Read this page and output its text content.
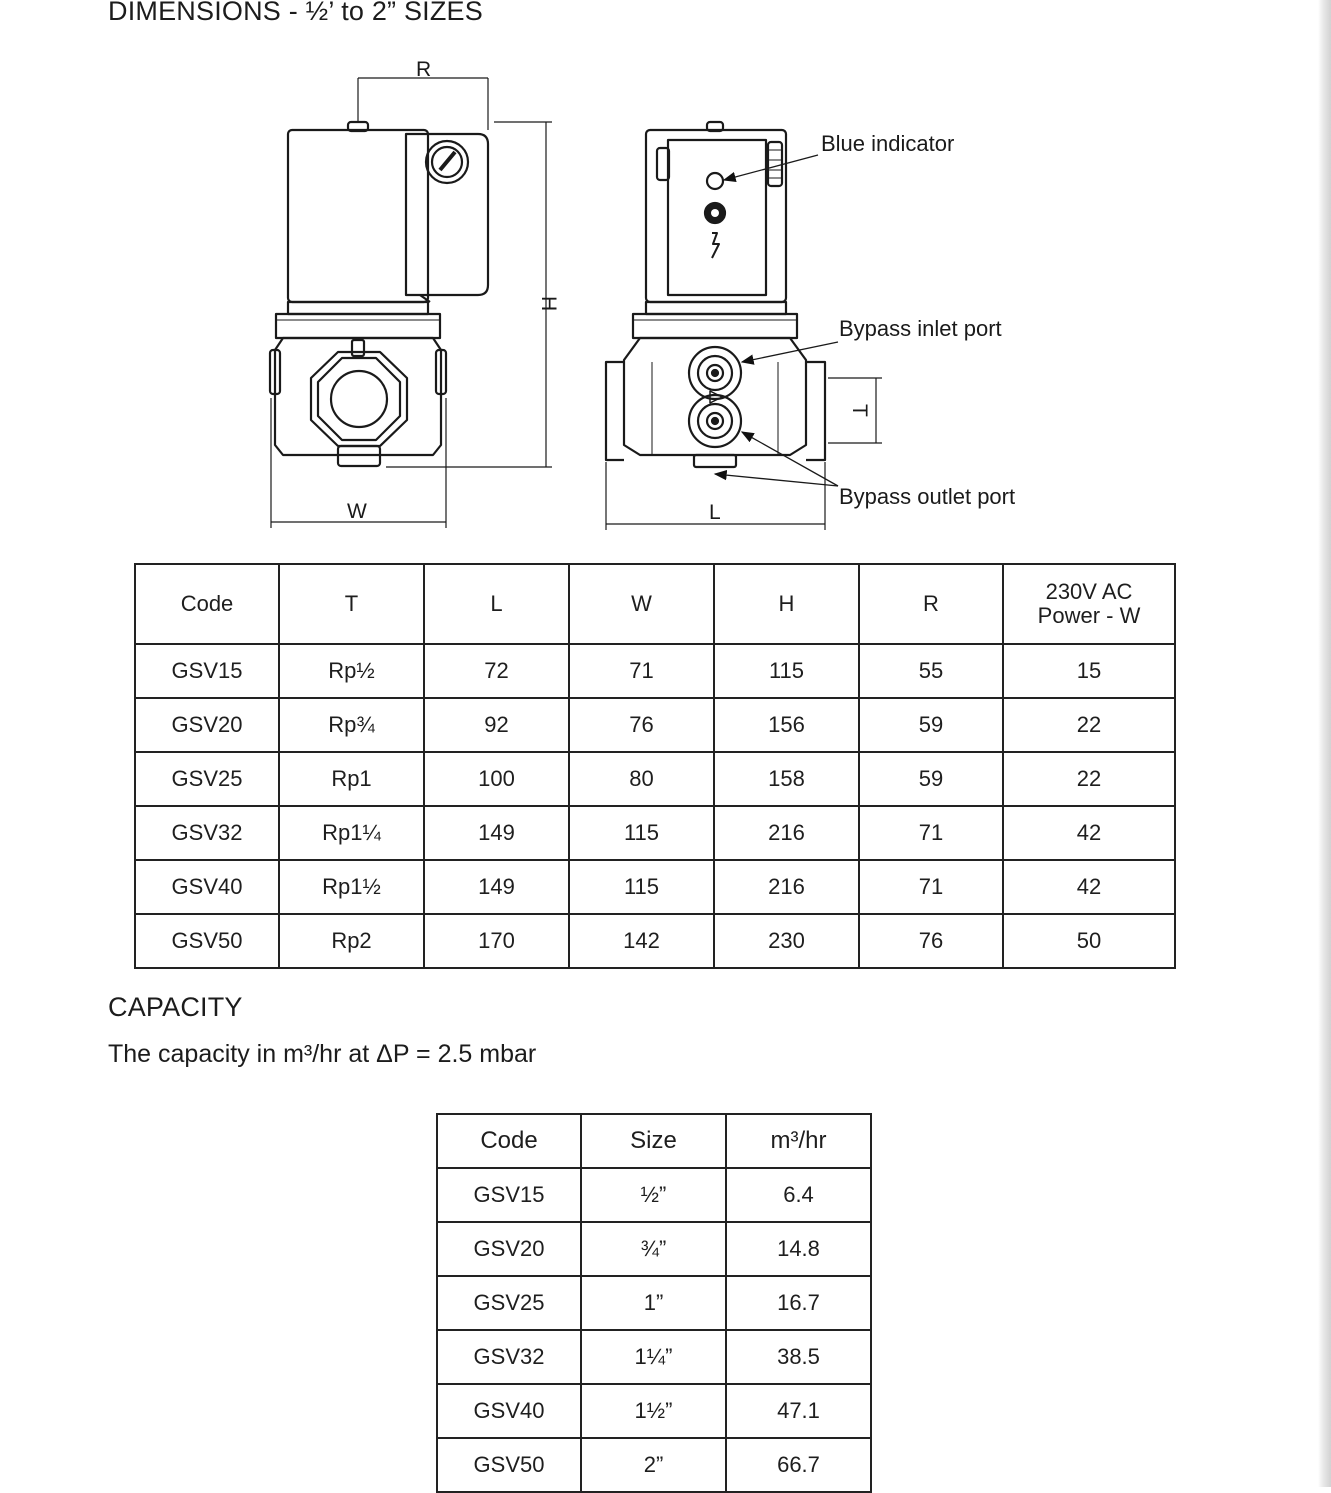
DIMENSIONS - ½’ to 2” SIZES
R
H
W	L
T
Blue indicator
Bypass inlet port
Bypass outlet port
Code	T	L	W	H	R	230V AC
Power - W
GSV15	Rp½	72	71	115	55	15
GSV20	Rp¾	92	76	156	59	22
GSV25	Rp1	100	80	158	59	22
GSV32	Rp1¼	149	115	216	71	42
GSV40	Rp1½	149	115	216	71	42
GSV50	Rp2	170	142	230	76	50
CAPACITY
The capacity in m³/hr at ΔP = 2.5 mbar
Code	Size	m³/hr
GSV15	½”	6.4
GSV20	¾”	14.8
GSV25	1”	16.7
GSV32	1¼”	38.5
GSV40	1½”	47.1
GSV50	2”	66.7
